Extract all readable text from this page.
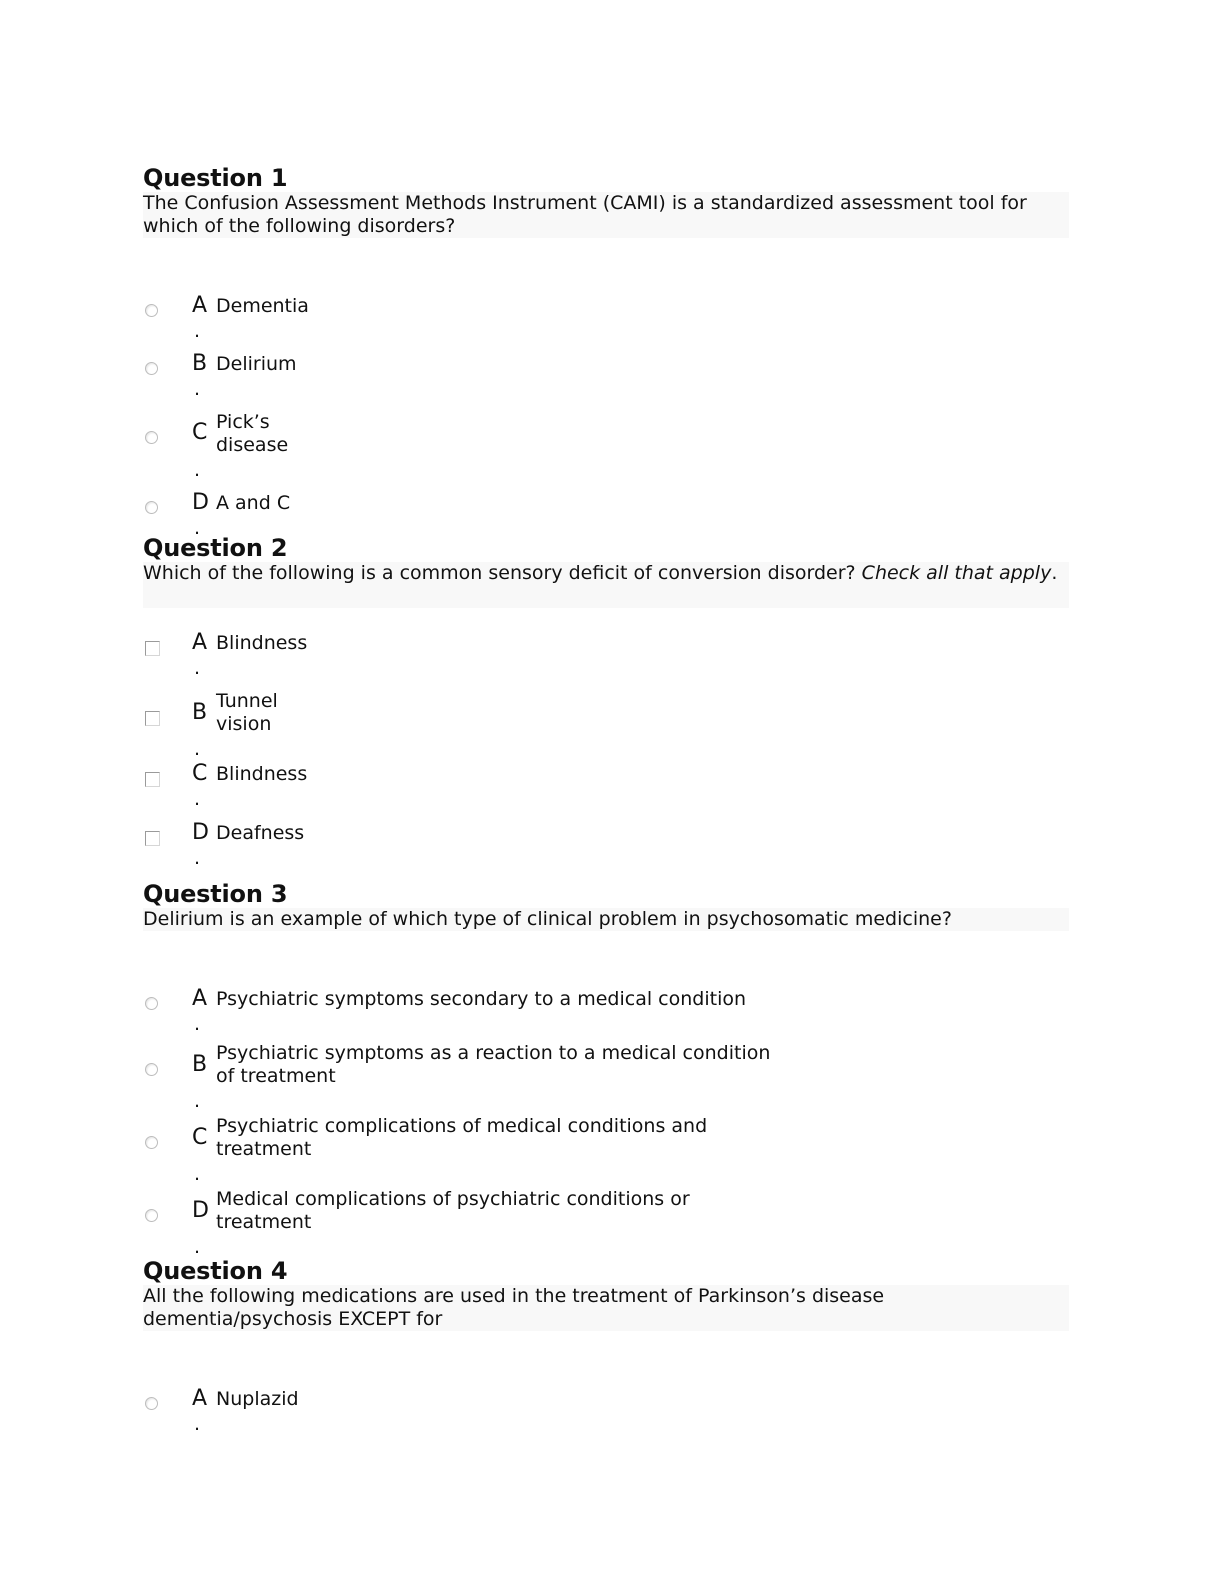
Question 1

The Confusion Assessment Methods Instrument (CAMI) is a standardized assessment tool for which of the following disorders?

A Dementia
.
B Delirium
.
C Pick’s
disease
.
D A and C
.
Question 2

Which of the following is a common sensory deficit of conversion disorder? Check all that apply.

A Blindness
.
B Tunnel
vision
.
C Blindness
.
D Deafness
.
Question 3

Delirium is an example of which type of clinical problem in psychosomatic medicine?

A Psychiatric symptoms secondary to a medical condition
.
B Psychiatric symptoms as a reaction to a medical condition
of treatment
.
C Psychiatric complications of medical conditions and
treatment
.
D Medical complications of psychiatric conditions or
treatment
.
Question 4

All the following medications are used in the treatment of Parkinson’s disease dementia/psychosis EXCEPT for

A Nuplazid
.
